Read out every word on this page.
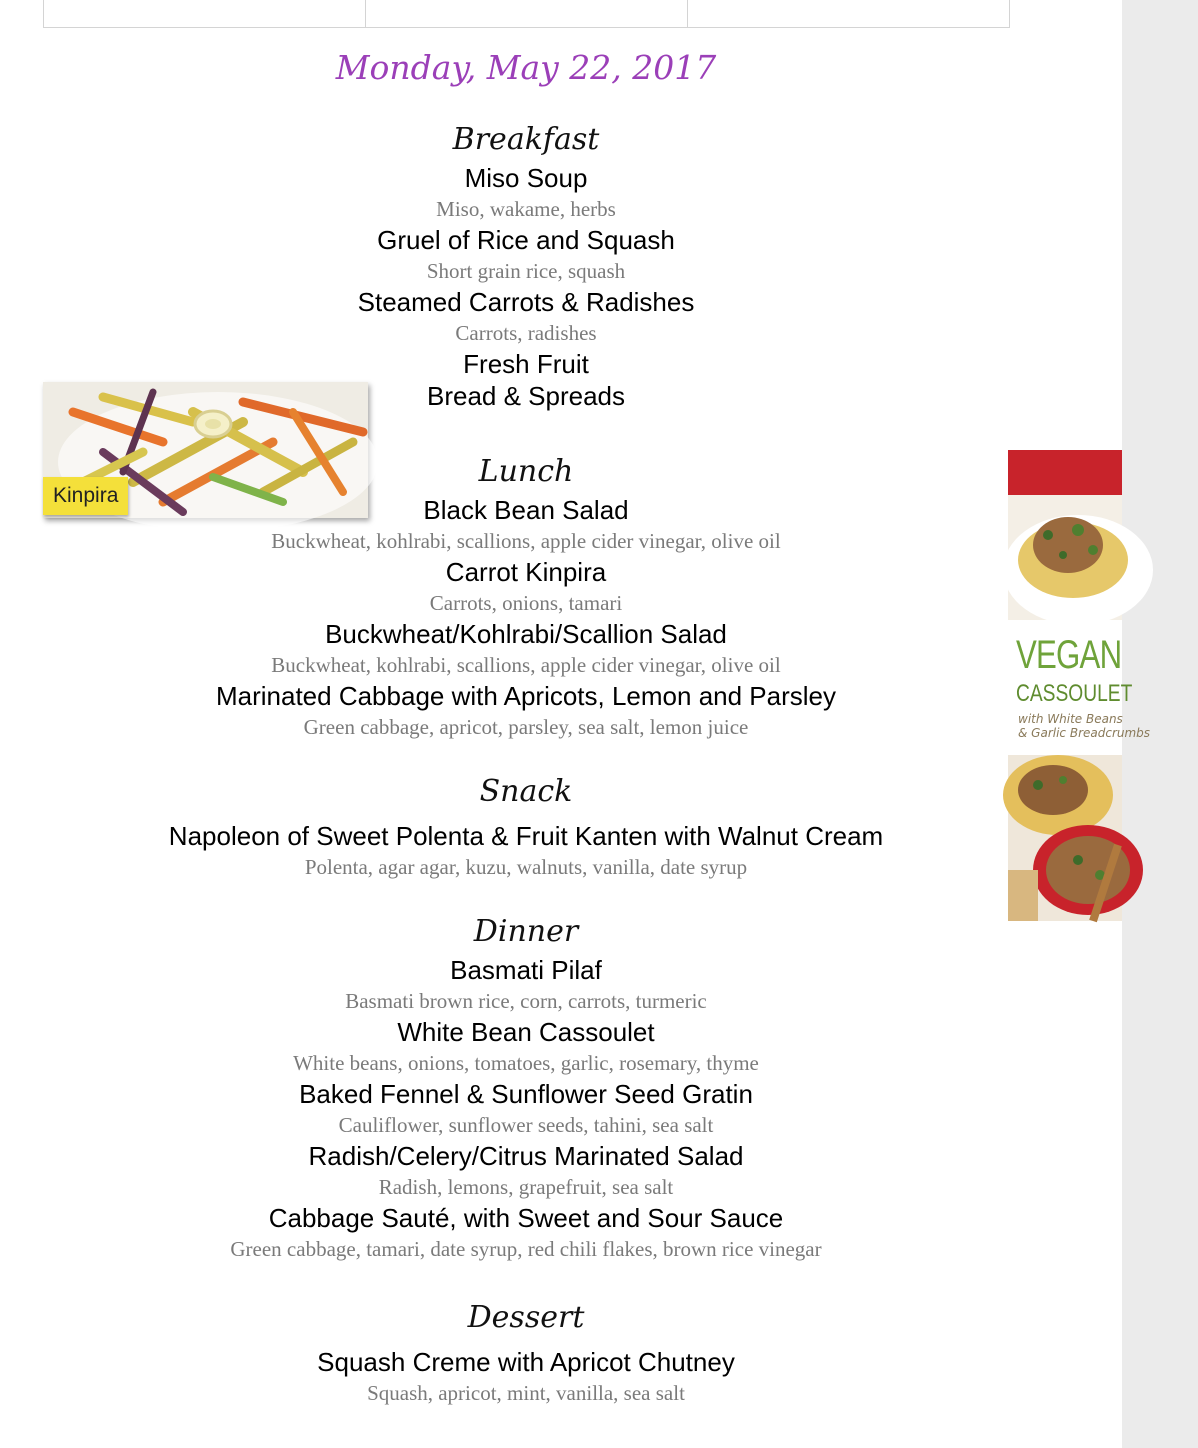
Monday, May 22, 2017

Breakfast

Miso Soup

Miso, wakame, herbs

Gruel of Rice and Squash

Short grain rice, squash

Steamed Carrots & Radishes

Carrots, radishes

Fresh Fruit

Bread & Spreads

Lunch

Black Bean Salad

Buckwheat, kohlrabi, scallions, apple cider vinegar, olive oil

Carrot Kinpira

Carrots, onions, tamari

Buckwheat/Kohlrabi/Scallion Salad

Buckwheat, kohlrabi, scallions, apple cider vinegar, olive oil

Marinated Cabbage with Apricots, Lemon and Parsley

Green cabbage, apricot, parsley, sea salt, lemon juice

Snack

Napoleon of Sweet Polenta & Fruit Kanten with Walnut Cream

Polenta, agar agar, kuzu, walnuts, vanilla, date syrup

Dinner

Basmati Pilaf

Basmati brown rice, corn, carrots, turmeric

White Bean Cassoulet

White beans, onions, tomatoes, garlic, rosemary, thyme

Baked Fennel & Sunflower Seed Gratin

Cauliflower, sunflower seeds, tahini, sea salt

Radish/Celery/Citrus Marinated Salad

Radish, lemons, grapefruit, sea salt

Cabbage Sauté, with Sweet and Sour Sauce

Green cabbage, tamari, date syrup, red chili flakes, brown rice vinegar

Dessert

Squash Creme with Apricot Chutney

Squash, apricot, mint, vanilla, sea salt

Kinpira
VEGAN
CASSOULET
with White Beans
& Garlic Breadcrumbs
